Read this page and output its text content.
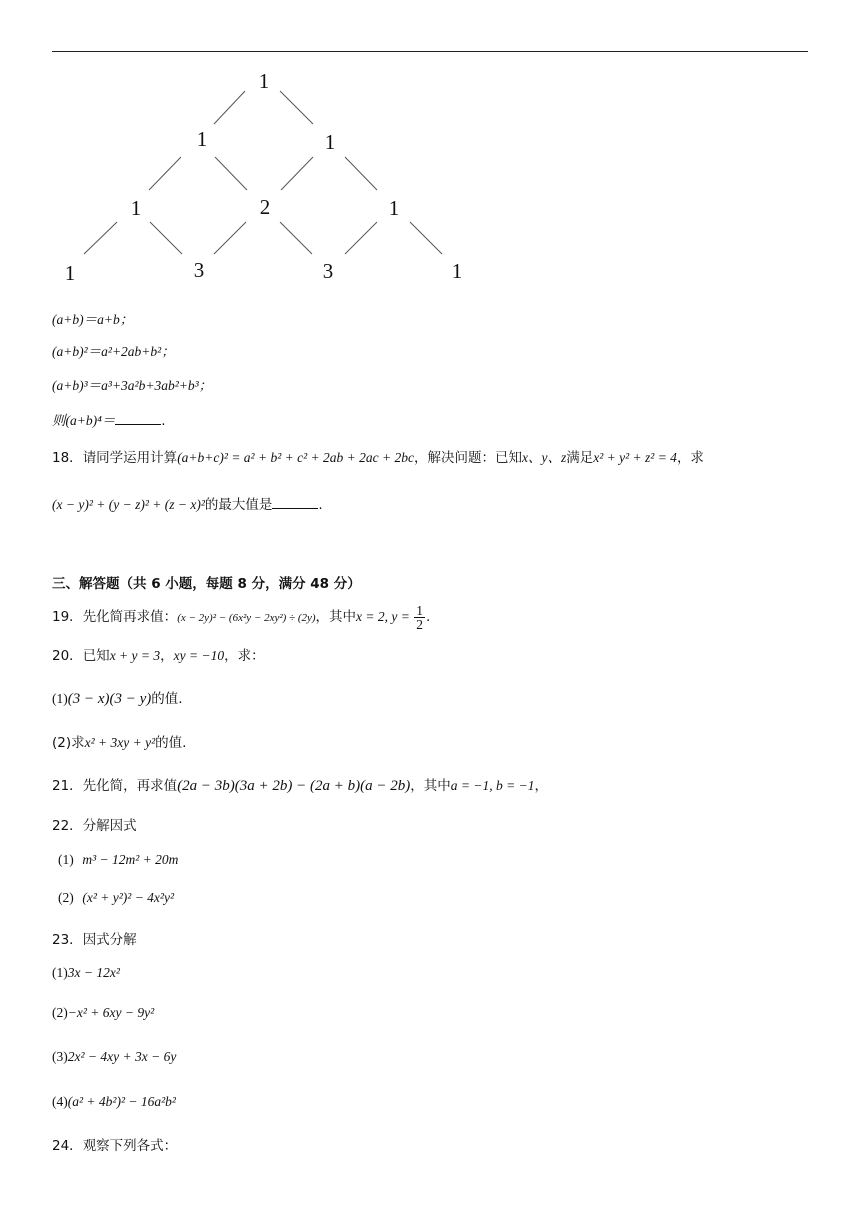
1
1	1
1	2	1
1	3	3	1
(a+b)＝a+b；
(a+b)²＝a²+2ab+b²；
(a+b)³＝a³+3a²b+3ab²+b³；
则(a+b)⁴＝	.
18．请同学运用计算(a+b+c)² = a² + b² + c² + 2ab + 2ac + 2bc，解决问题：已知x、y、z满足x² + y² + z² = 4，求
(x − y)² + (y − z)² + (z − x)²的最大值是	.
三、解答题（共 6 小题，每题 8 分，满分 48 分）
19．先化简再求值：(x − 2y)² − (6x²y − 2xy²) ÷ (2y)，其中x = 2, $y = \frac{1}{2}$ .
20．已知x + y = 3，xy = −10，求：
(1)(3 − x)(3 − y)的值.
(2)求x² + 3xy + y²的值.
21．先化简，再求值(2a − 3b)(3a + 2b) − (2a + b)(a − 2b)，其中a = −1, b = −1，
22．分解因式
(1) m³ − 12m² + 20m
(2) (x² + y²)² − 4x²y²
23．因式分解
(1)3x − 12x²
(2)−x² + 6xy − 9y²
(3)2x² − 4xy + 3x − 6y
(4)(a² + 4b²)² − 16a²b²
24．观察下列各式：
